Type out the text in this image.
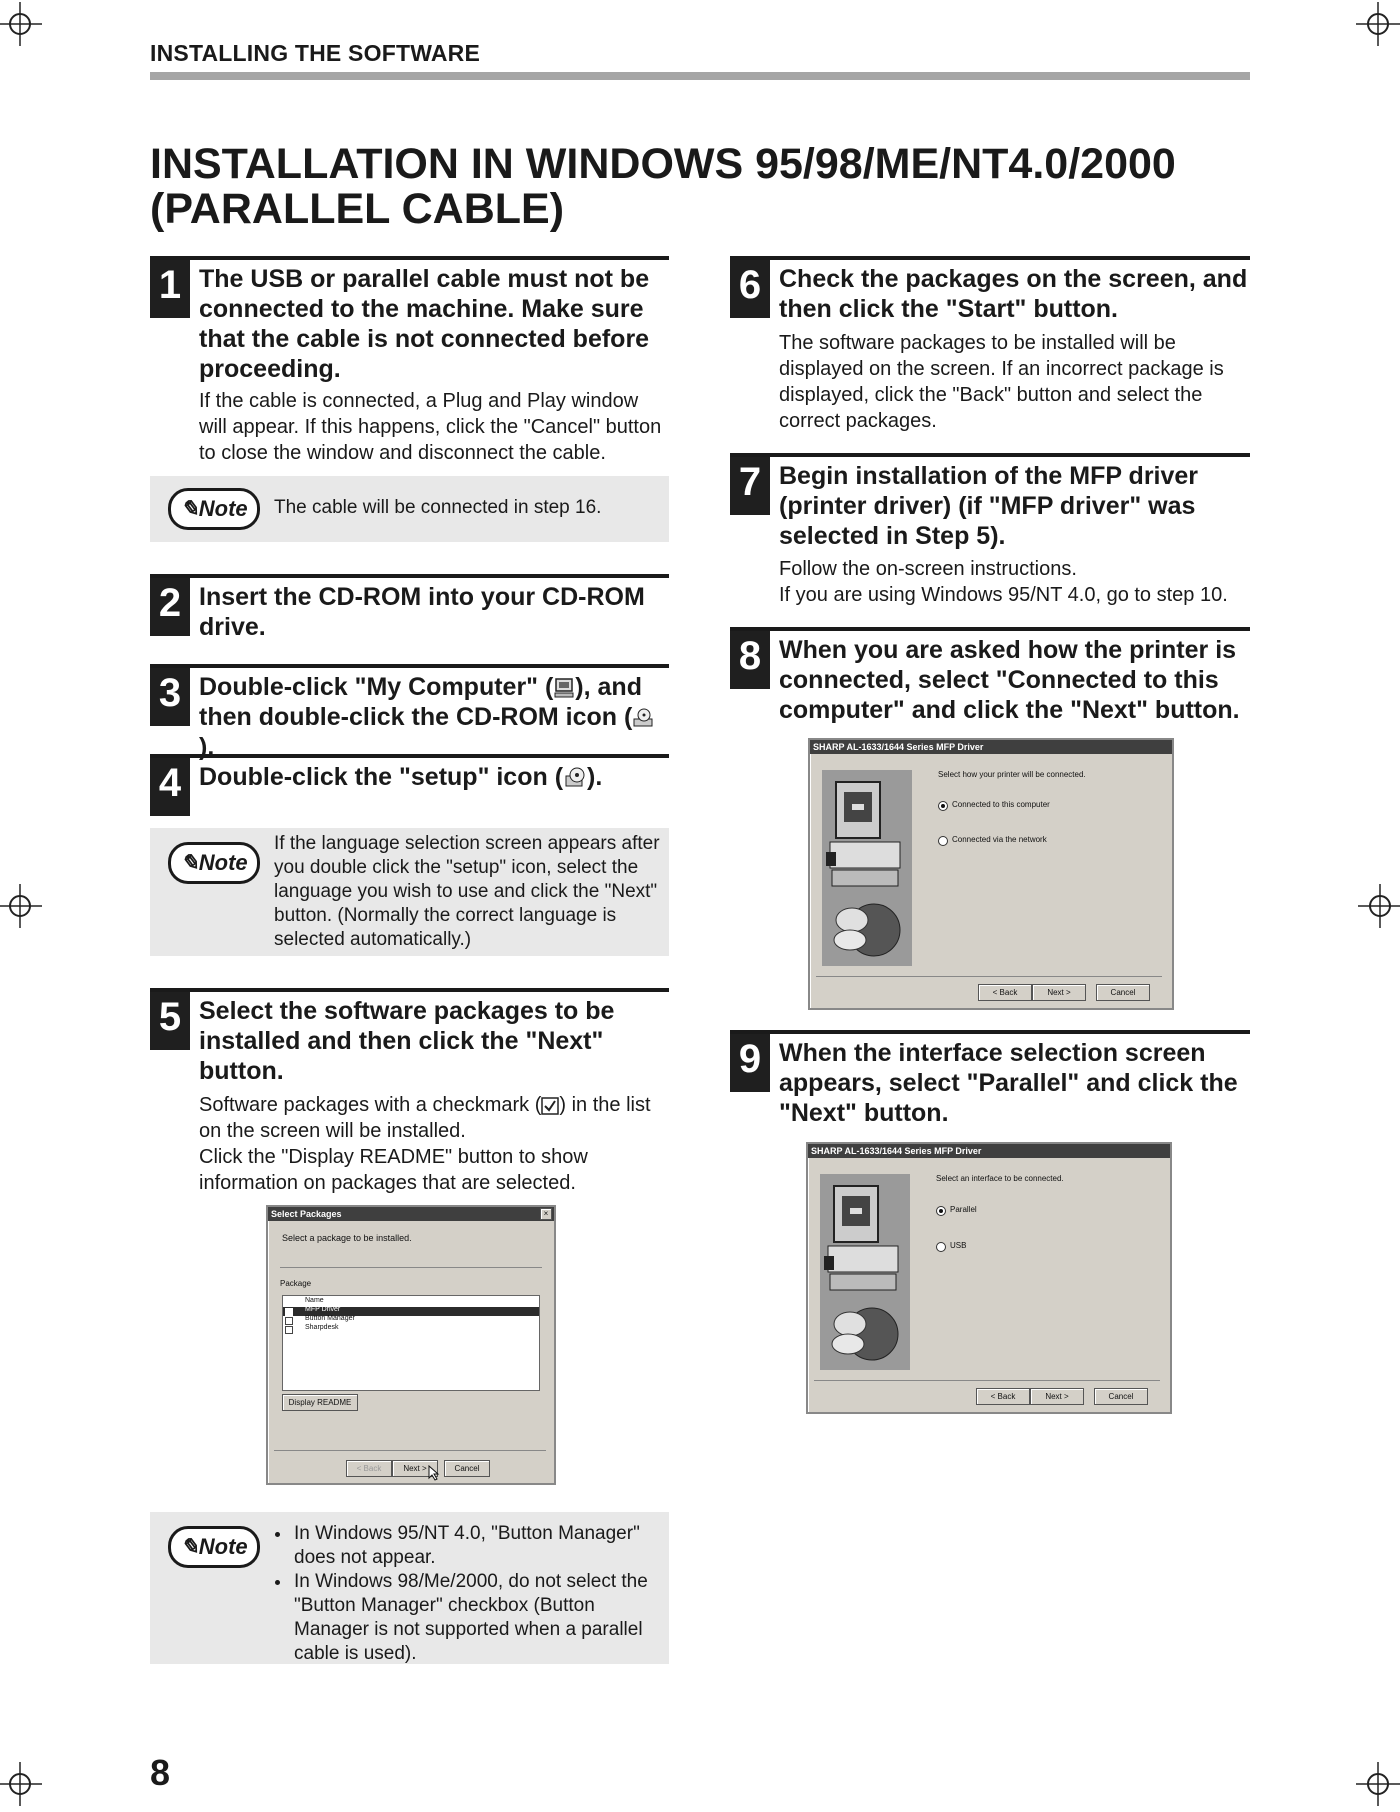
INSTALLING THE SOFTWARE
INSTALLATION IN WINDOWS 95/98/ME/NT4.0/2000
(PARALLEL CABLE)
1 The USB or parallel cable must not be connected to the machine. Make sure that the cable is not connected before proceeding.
If the cable is connected, a Plug and Play window will appear. If this happens, click the "Cancel" button to close the window and disconnect the cable.
✎Note	The cable will be connected in step 16.
2 Insert the CD-ROM into your CD-ROM drive.
3 Double-click "My Computer" ( ), and then double-click the CD-ROM icon ().
4 Double-click the "setup" icon ( ).
✎Note
If the language selection screen appears after you double click the "setup" icon, select the language you wish to use and click the "Next" button. (Normally the correct language is selected automatically.)
5 Select the software packages to be installed and then click the "Next" button.
Software packages with a checkmark ( ) in the list on the screen will be installed.
Click the "Display README" button to show information on packages that are selected.
Select Packages	×
Select a package to be installed.
Package
Name
MFP Driver
Button Manager
Sharpdesk
Display README
< Back	Next >	Cancel
✎Note
• In Windows 95/NT 4.0, "Button Manager" does not appear.
• In Windows 98/Me/2000, do not select the "Button Manager" checkbox (Button Manager is not supported when a parallel cable is used).
6 Check the packages on the screen, and then click the "Start" button.
The software packages to be installed will be displayed on the screen. If an incorrect package is displayed, click the "Back" button and select the correct packages.
7 Begin installation of the MFP driver (printer driver) (if "MFP driver" was selected in Step 5).
Follow the on-screen instructions.
If you are using Windows 95/NT 4.0, go to step 10.
8 When you are asked how the printer is connected, select "Connected to this computer" and click the "Next" button.
SHARP AL-1633/1644 Series MFP Driver
Select how your printer will be connected.
Connected to this computer
Connected via the network
< Back	Next >	Cancel
9 When the interface selection screen appears, select "Parallel" and click the "Next" button.
SHARP AL-1633/1644 Series MFP Driver
Select an interface to be connected.
Parallel
USB
< Back	Next >	Cancel
8
